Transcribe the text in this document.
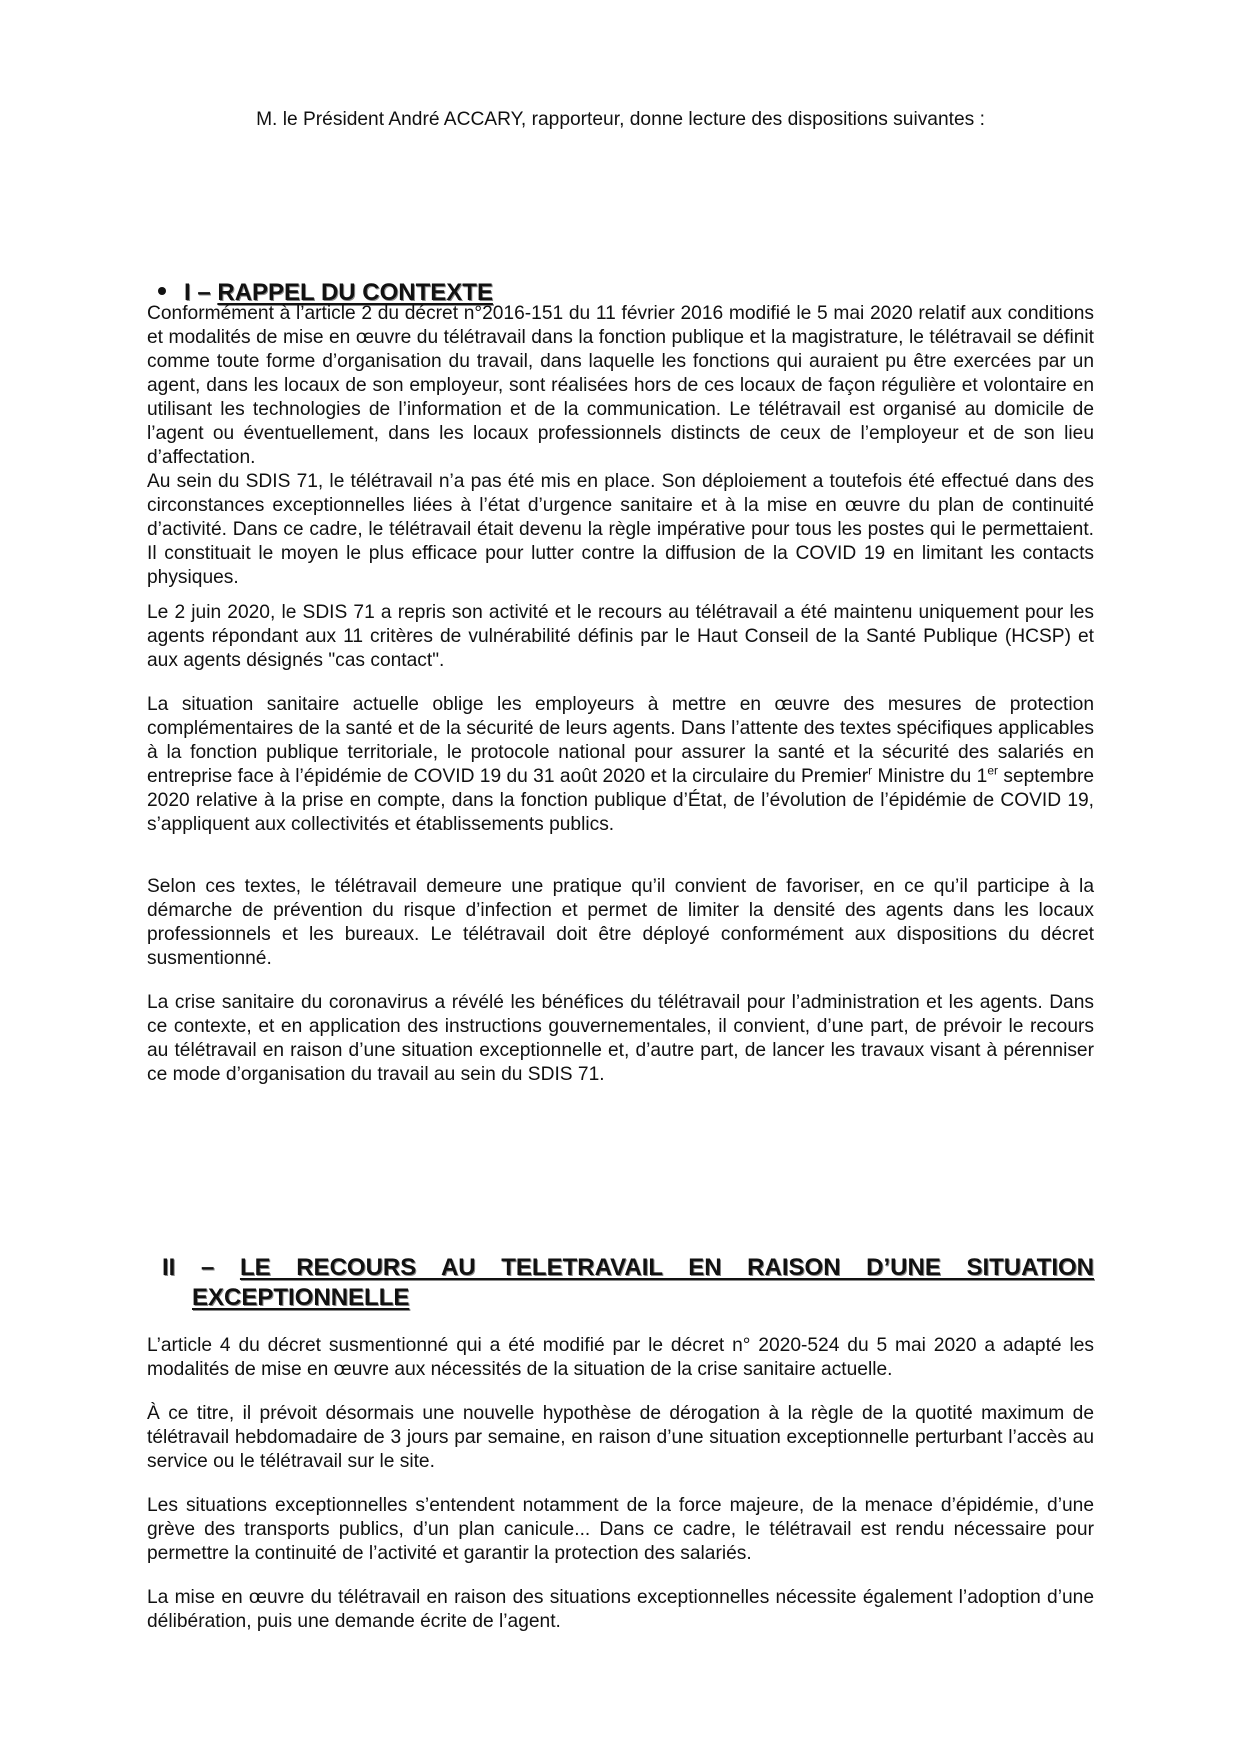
M. le Président André ACCARY, rapporteur, donne lecture des dispositions suivantes :

I – RAPPEL DU CONTEXTE

Conformément à l’article 2 du décret n°2016-151 du 11 février 2016 modifié le 5 mai 2020 relatif aux conditions et modalités de mise en œuvre du télétravail dans la fonction publique et la magistrature, le télétravail se définit comme toute forme d’organisation du travail, dans laquelle les fonctions qui auraient pu être exercées par un agent, dans les locaux de son employeur, sont réalisées hors de ces locaux de façon régulière et volontaire en utilisant les technologies de l’information et de la communication. Le télétravail est organisé au domicile de l’agent ou éventuellement, dans les locaux professionnels distincts de ceux de l’employeur et de son lieu d’affectation.

Au sein du SDIS 71, le télétravail n’a pas été mis en place. Son déploiement a toutefois été effectué dans des circonstances exceptionnelles liées à l’état d’urgence sanitaire et à la mise en œuvre du plan de continuité d’activité. Dans ce cadre, le télétravail était devenu la règle impérative pour tous les postes qui le permettaient. Il constituait le moyen le plus efficace pour lutter contre la diffusion de la COVID 19 en limitant les contacts physiques.

Le 2 juin 2020, le SDIS 71 a repris son activité et le recours au télétravail a été maintenu uniquement pour les agents répondant aux 11 critères de vulnérabilité définis par le Haut Conseil de la Santé Publique (HCSP) et aux agents désignés "cas contact".

La situation sanitaire actuelle oblige les employeurs à mettre en œuvre des mesures de protection complémentaires de la santé et de la sécurité de leurs agents. Dans l’attente des textes spécifiques applicables à la fonction publique territoriale, le protocole national pour assurer la santé et la sécurité des salariés en entreprise face à l’épidémie de COVID 19 du 31 août 2020 et la circulaire du Premier$^r$ Ministre du 1er septembre 2020 relative à la prise en compte, dans la fonction publique d’État, de l’évolution de l’épidémie de COVID 19, s’appliquent aux collectivités et établissements publics.

Selon ces textes, le télétravail demeure une pratique qu’il convient de favoriser, en ce qu’il participe à la démarche de prévention du risque d’infection et permet de limiter la densité des agents dans les locaux professionnels et les bureaux. Le télétravail doit être déployé conformément aux dispositions du décret susmentionné.

La crise sanitaire du coronavirus a révélé les bénéfices du télétravail pour l’administration et les agents. Dans ce contexte, et en application des instructions gouvernementales, il convient, d’une part, de prévoir le recours au télétravail en raison d’une situation exceptionnelle et, d’autre part, de lancer les travaux visant à pérenniser ce mode d’organisation du travail au sein du SDIS 71.

II – LE RECOURS AU TELETRAVAIL EN RAISON D’UNE SITUATION
EXCEPTIONNELLE

L’article 4 du décret susmentionné qui a été modifié par le décret n° 2020-524 du 5 mai 2020 a adapté les modalités de mise en œuvre aux nécessités de la situation de la crise sanitaire actuelle.

À ce titre, il prévoit désormais une nouvelle hypothèse de dérogation à la règle de la quotité maximum de télétravail hebdomadaire de 3 jours par semaine, en raison d’une situation exceptionnelle perturbant l’accès au service ou le télétravail sur le site.

Les situations exceptionnelles s’entendent notamment de la force majeure, de la menace d’épidémie, d’une grève des transports publics, d’un plan canicule... Dans ce cadre, le télétravail est rendu nécessaire pour permettre la continuité de l’activité et garantir la protection des salariés.

La mise en œuvre du télétravail en raison des situations exceptionnelles nécessite également l’adoption d’une délibération, puis une demande écrite de l’agent.
